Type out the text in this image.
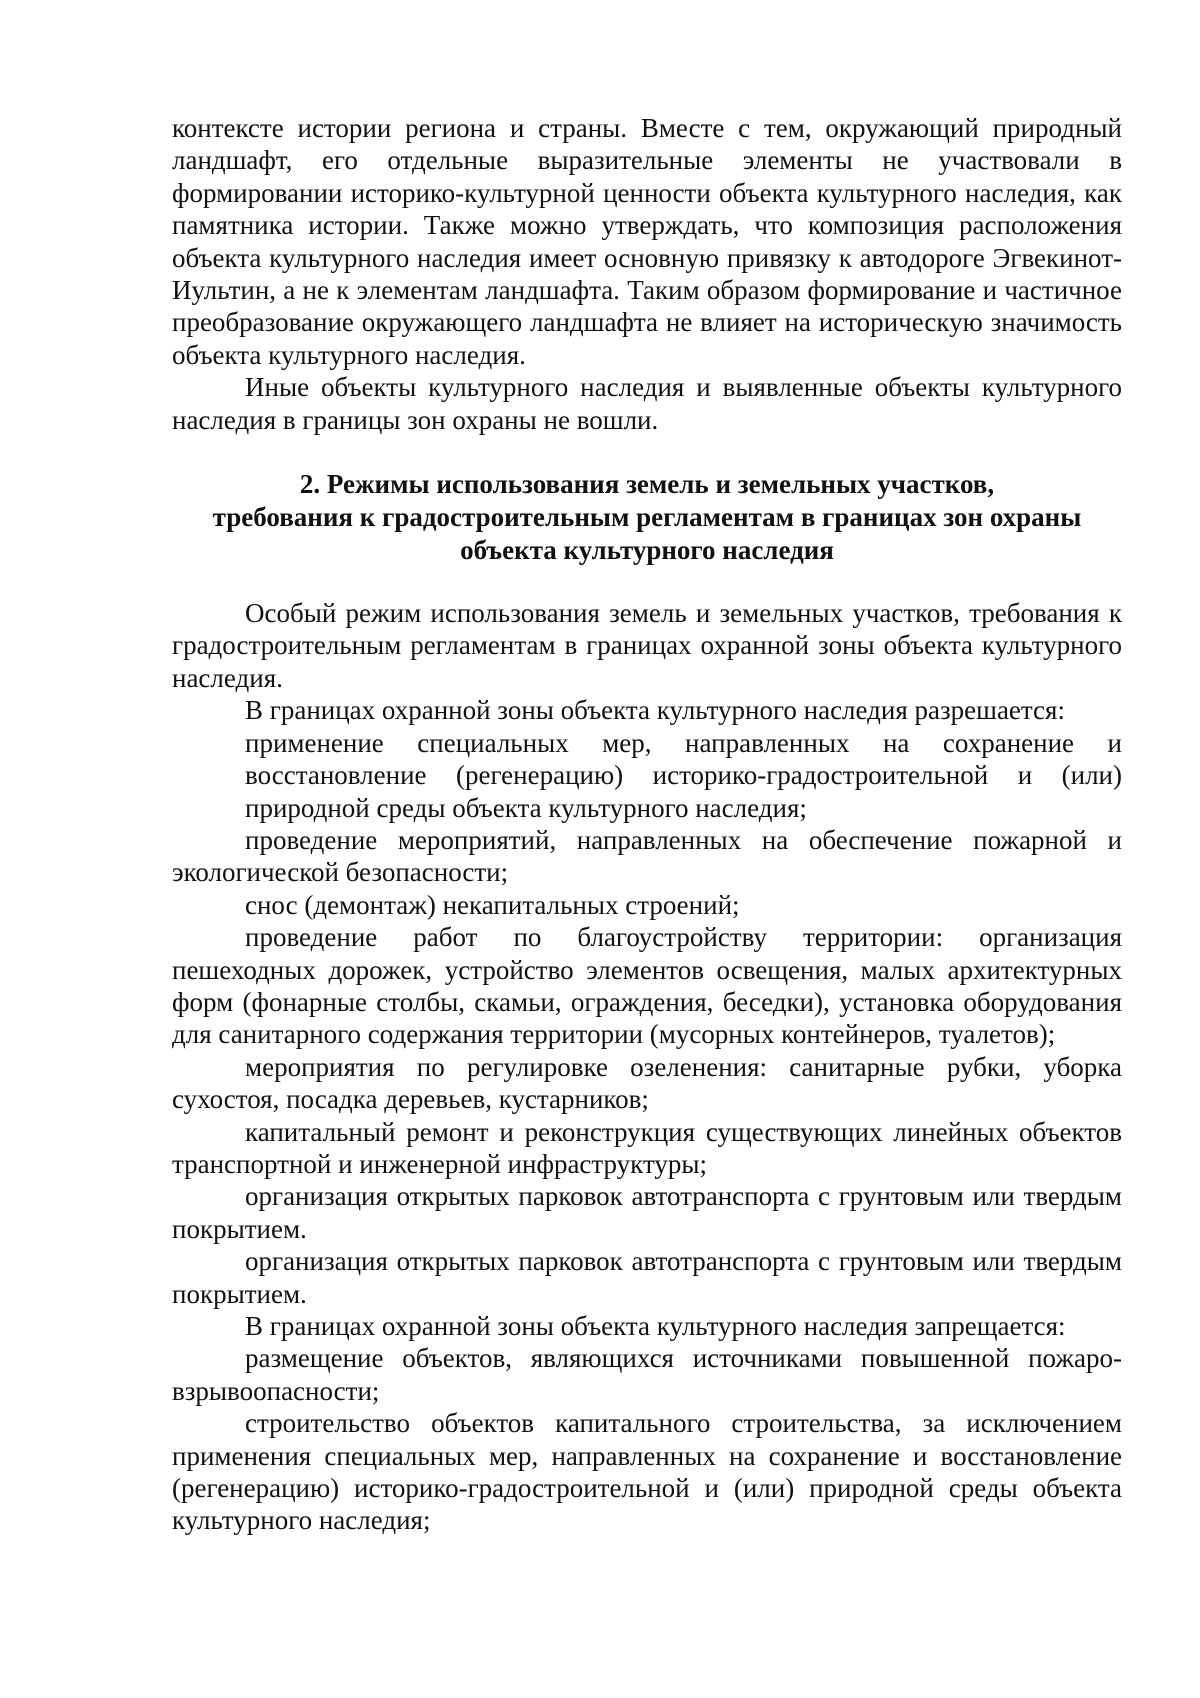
контексте истории региона и страны. Вместе с тем, окружающий природный ландшафт, его отдельные выразительные элементы не участвовали в формировании историко-культурной ценности объекта культурного наследия, как памятника истории. Также можно утверждать, что композиция расположения объекта культурного наследия имеет основную привязку к автодороге Эгвекинот-Иультин, а не к элементам ландшафта. Таким образом формирование и частичное преобразование окружающего ландшафта не влияет на историческую значимость объекта культурного наследия.

Иные объекты культурного наследия и выявленные объекты культурного наследия в границы зон охраны не вошли.

2. Режимы использования земель и земельных участков,
требования к градостроительным регламентам в границах зон охраны
объекта культурного наследия

Особый режим использования земель и земельных участков, требования к градостроительным регламентам в границах охранной зоны объекта культурного наследия.

В границах охранной зоны объекта культурного наследия разрешается:

применение специальных мер, направленных на сохранение и восстановление (регенерацию) историко-градостроительной и (или) природной среды объекта культурного наследия;

проведение мероприятий, направленных на обеспечение пожарной и экологической безопасности;

снос (демонтаж) некапитальных строений;

проведение работ по благоустройству территории: организация пешеходных дорожек, устройство элементов освещения, малых архитектурных форм (фонарные столбы, скамьи, ограждения, беседки), установка оборудования для санитарного содержания территории (мусорных контейнеров, туалетов);

мероприятия по регулировке озеленения: санитарные рубки, уборка сухостоя, посадка деревьев, кустарников;

капитальный ремонт и реконструкция существующих линейных объектов транспортной и инженерной инфраструктуры;

организация открытых парковок автотранспорта с грунтовым или твердым покрытием.

организация открытых парковок автотранспорта с грунтовым или твердым покрытием.

В границах охранной зоны объекта культурного наследия запрещается:

размещение объектов, являющихся источниками повышенной пожаро-взрывоопасности;

строительство объектов капитального строительства, за исключением применения специальных мер, направленных на сохранение и восстановление (регенерацию) историко-градостроительной и (или) природной среды объекта культурного наследия;
